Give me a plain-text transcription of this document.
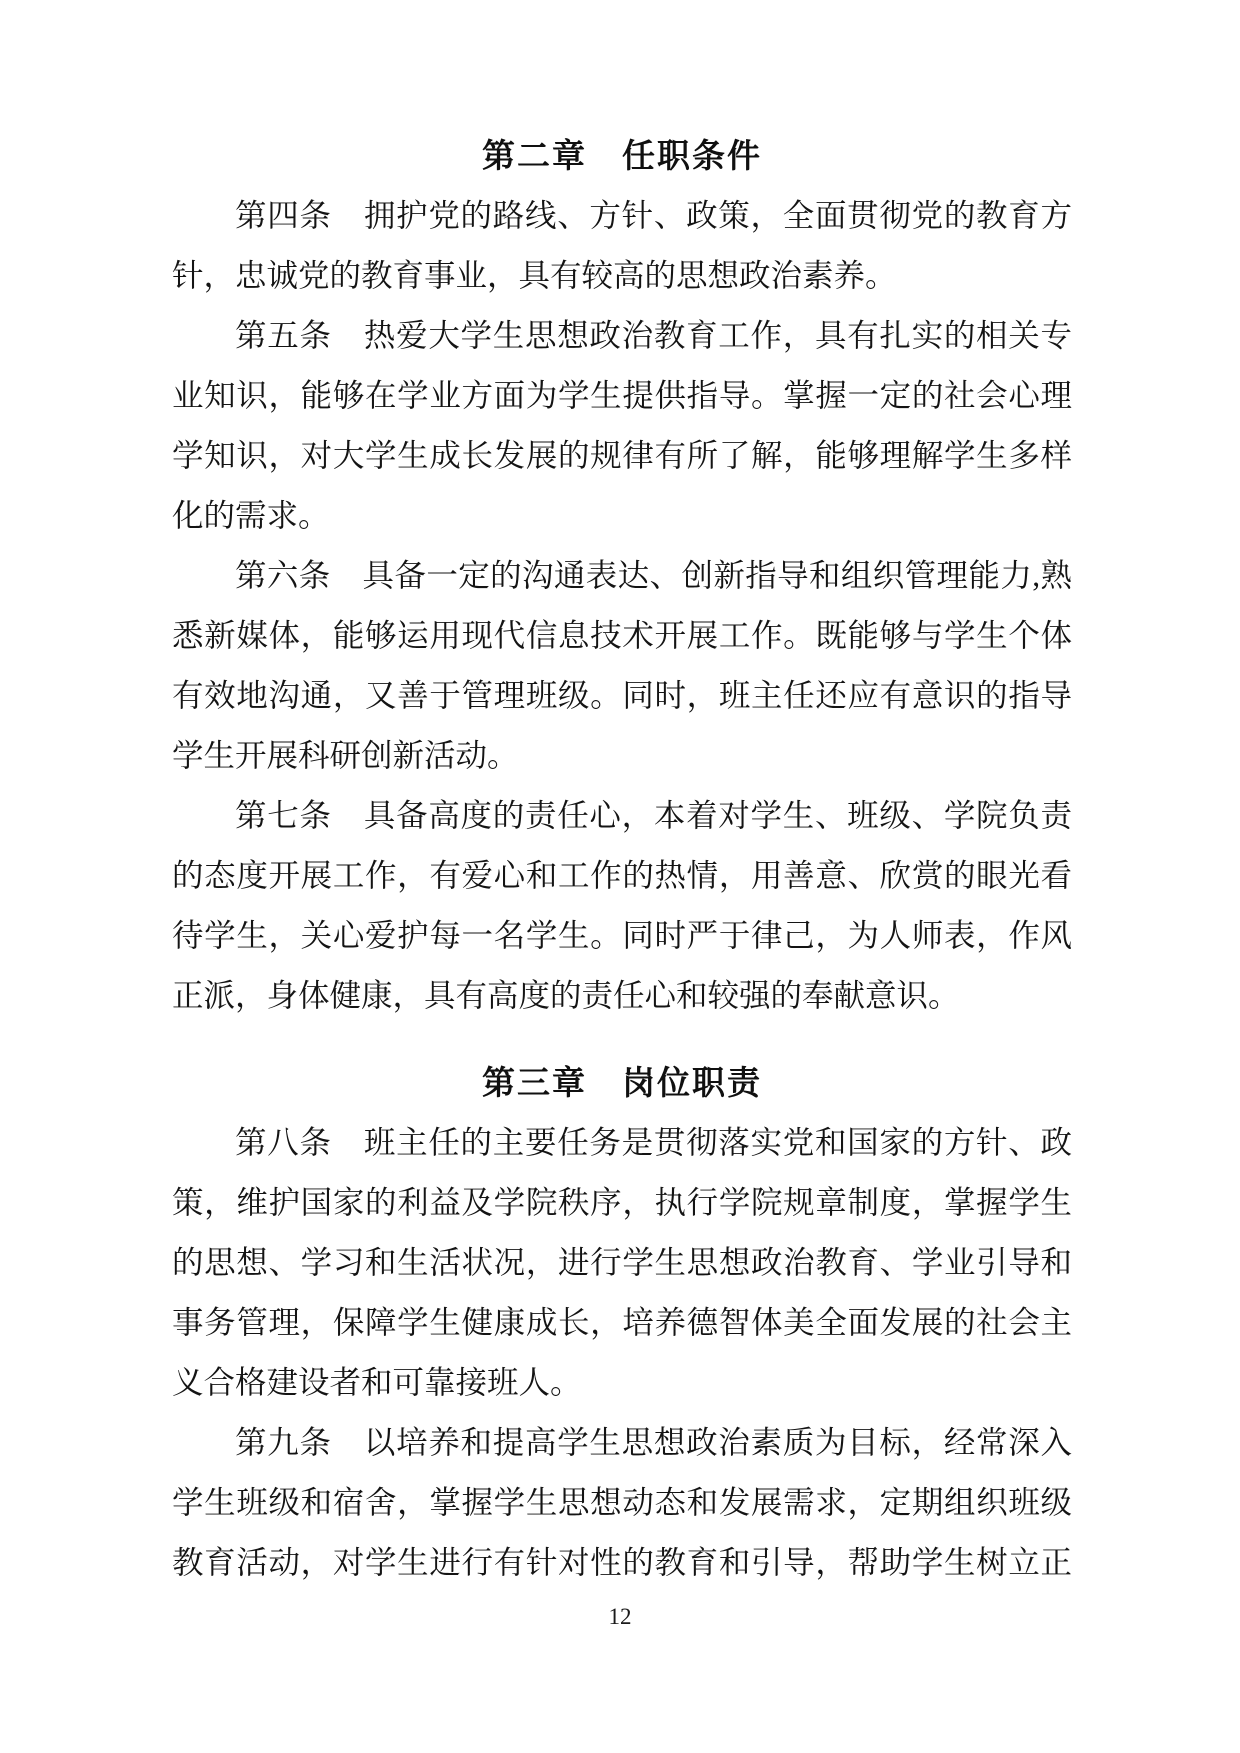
第二章　任职条件
第四条　拥护党的路线、方针、政策，全面贯彻党的教育方
针，忠诚党的教育事业，具有较高的思想政治素养。
第五条　热爱大学生思想政治教育工作，具有扎实的相关专
业知识，能够在学业方面为学生提供指导。掌握一定的社会心理
学知识，对大学生成长发展的规律有所了解，能够理解学生多样
化的需求。
第六条　具备一定的沟通表达、创新指导和组织管理能力,熟
悉新媒体，能够运用现代信息技术开展工作。既能够与学生个体
有效地沟通，又善于管理班级。同时，班主任还应有意识的指导
学生开展科研创新活动。
第七条　具备高度的责任心，本着对学生、班级、学院负责
的态度开展工作，有爱心和工作的热情，用善意、欣赏的眼光看
待学生，关心爱护每一名学生。同时严于律己，为人师表，作风
正派，身体健康，具有高度的责任心和较强的奉献意识。
第三章　岗位职责
第八条　班主任的主要任务是贯彻落实党和国家的方针、政
策，维护国家的利益及学院秩序，执行学院规章制度，掌握学生
的思想、学习和生活状况，进行学生思想政治教育、学业引导和
事务管理，保障学生健康成长，培养德智体美全面发展的社会主
义合格建设者和可靠接班人。
第九条　以培养和提高学生思想政治素质为目标，经常深入
学生班级和宿舍，掌握学生思想动态和发展需求，定期组织班级
教育活动，对学生进行有针对性的教育和引导，帮助学生树立正
12
